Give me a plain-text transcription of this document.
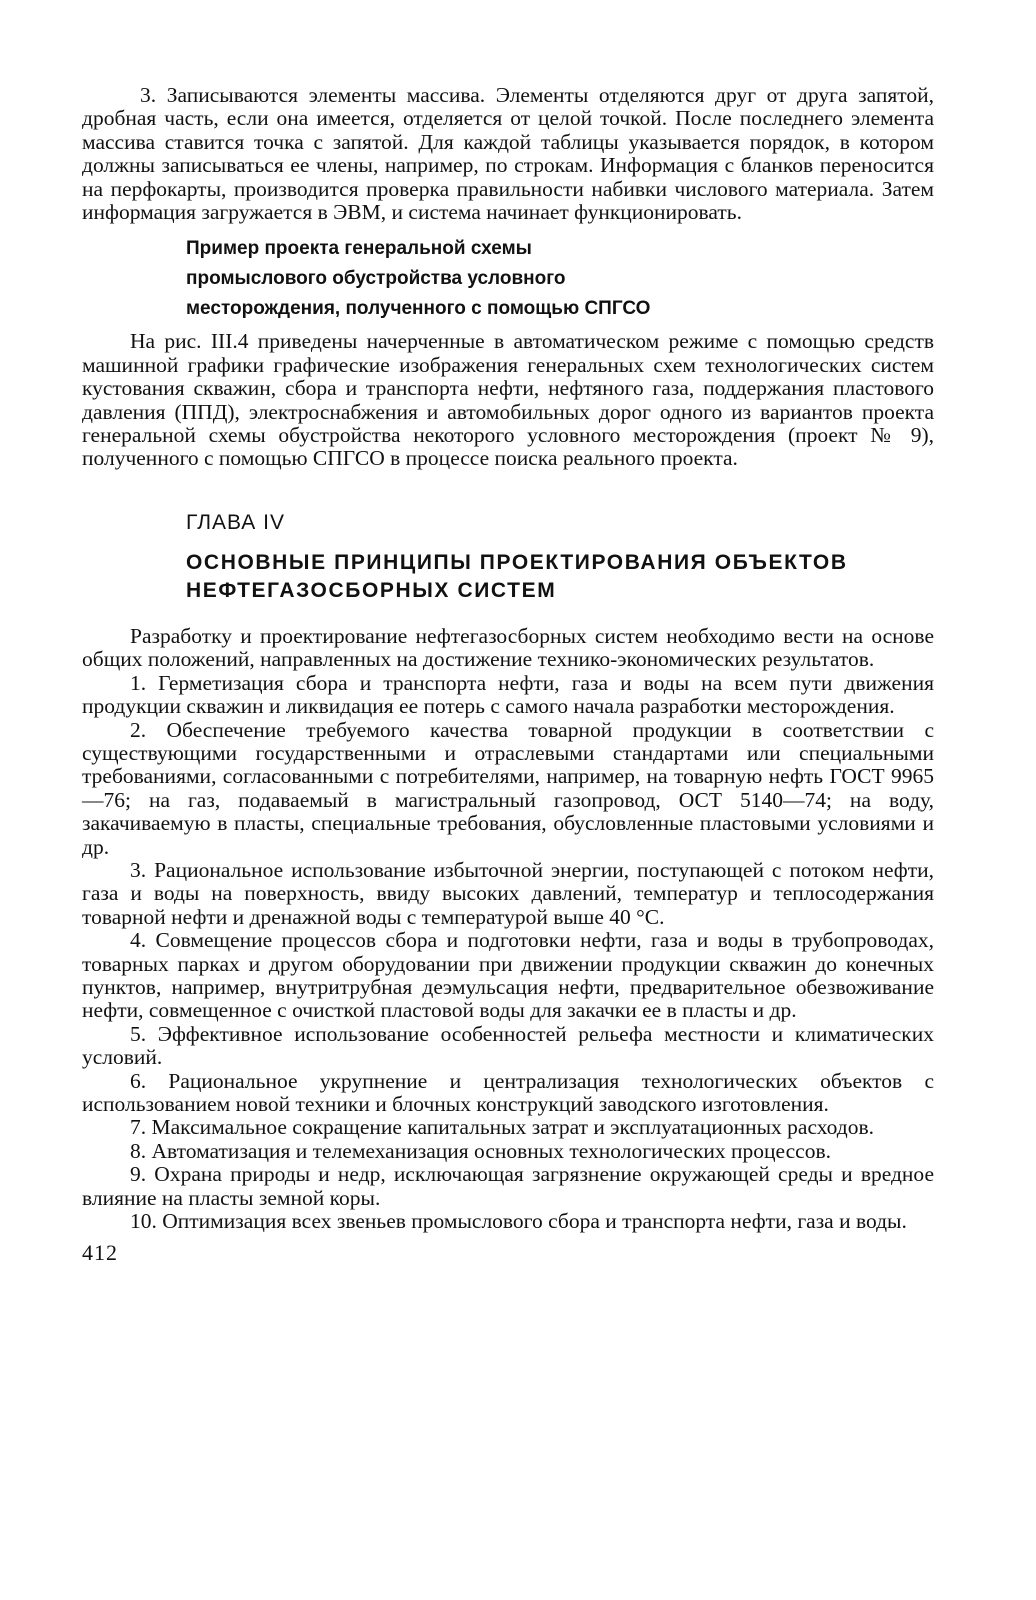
3. Записываются элементы массива. Элементы отделяются друг от друга запятой, дробная часть, если она имеется, отделяется от целой точкой. После последнего элемента массива ставится точка с запятой. Для каждой таблицы указывается порядок, в котором должны записываться ее члены, например, по строкам. Информация с бланков переносится на перфокарты, производится проверка правильности набивки числового материала. Затем информация загружается в ЭВМ, и система начинает функционировать.

Пример проекта генеральной схемы промыслового обустройства условного месторождения, полученного с помощью СПГСО

На рис. III.4 приведены начерченные в автоматическом режиме с помощью средств машинной графики графические изображения генеральных схем технологических систем кустования скважин, сбора и транспорта нефти, нефтяного газа, поддержания пластового давления (ППД), электроснабжения и автомобильных дорог одного из вариантов проекта генеральной схемы обустройства некоторого условного месторождения (проект № 9), полученного с помощью СПГСО в процессе поиска реального проекта.

ГЛАВА IV
ОСНОВНЫЕ ПРИНЦИПЫ ПРОЕКТИРОВАНИЯ ОБЪЕКТОВ НЕФТЕГАЗОСБОРНЫХ СИСТЕМ

Разработку и проектирование нефтегазосборных систем необходимо вести на основе общих положений, направленных на достижение технико-экономических результатов.

1. Герметизация сбора и транспорта нефти, газа и воды на всем пути движения продукции скважин и ликвидация ее потерь с самого начала разработки месторождения.

2. Обеспечение требуемого качества товарной продукции в соответствии с существующими государственными и отраслевыми стандартами или специальными требованиями, согласованными с потребителями, например, на товарную нефть ГОСТ 9965—76; на газ, подаваемый в магистральный газопровод, ОСТ 5140—74; на воду, закачиваемую в пласты, специальные требования, обусловленные пластовыми условиями и др.

3. Рациональное использование избыточной энергии, поступающей с потоком нефти, газа и воды на поверхность, ввиду высоких давлений, температур и теплосодержания товарной нефти и дренажной воды с температурой выше 40 °С.

4. Совмещение процессов сбора и подготовки нефти, газа и воды в трубопроводах, товарных парках и другом оборудовании при движении продукции скважин до конечных пунктов, например, внутритрубная деэмульсация нефти, предварительное обезвоживание нефти, совмещенное с очисткой пластовой воды для закачки ее в пласты и др.

5. Эффективное использование особенностей рельефа местности и климатических условий.

6. Рациональное укрупнение и централизация технологических объектов с использованием новой техники и блочных конструкций заводского изготовления.

7. Максимальное сокращение капитальных затрат и эксплуатационных расходов.

8. Автоматизация и телемеханизация основных технологических процессов.

9. Охрана природы и недр, исключающая загрязнение окружающей среды и вредное влияние на пласты земной коры.

10. Оптимизация всех звеньев промыслового сбора и транспорта нефти, газа и воды.

412
